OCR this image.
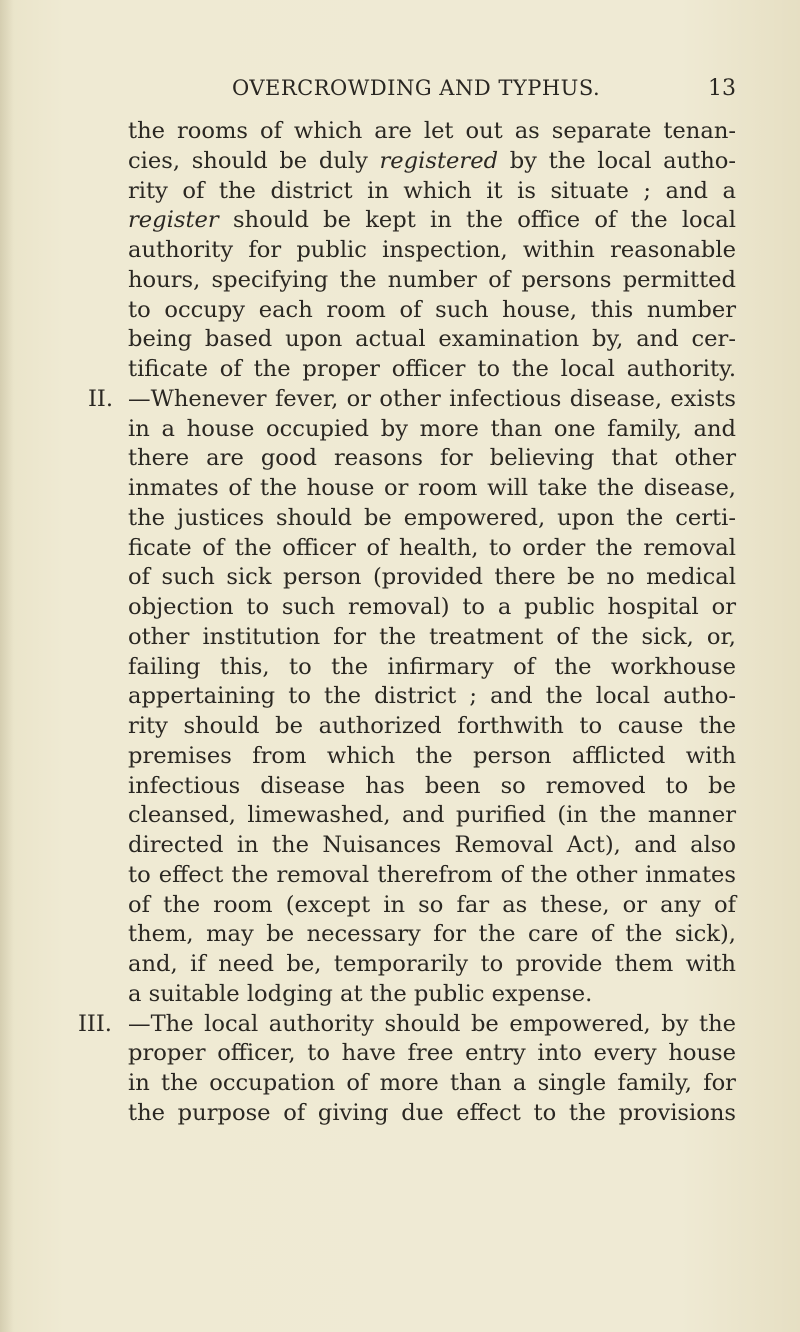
OVERCROWDING AND TYPHUS.	13
the rooms of which are let out as separate tenan-
cies, should be duly registered by the local autho-
rity of the district in which it is situate ; and a
register should be kept in the office of the local
authority for public inspection, within reasonable
hours, specifying the number of persons permitted
to occupy each room of such house, this number
being based upon actual examination by, and cer-
tificate of the proper officer to the local authority.
II. —Whenever fever, or other infectious disease, exists
in a house occupied by more than one family, and
there are good reasons for believing that other
inmates of the house or room will take the disease,
the justices should be empowered, upon the certi-
ficate of the officer of health, to order the removal
of such sick person (provided there be no medical
objection to such removal) to a public hospital or
other institution for the treatment of the sick, or,
failing this, to the infirmary of the workhouse
appertaining to the district ; and the local autho-
rity should be authorized forthwith to cause the
premises from which the person afflicted with
infectious disease has been so removed to be
cleansed, limewashed, and purified (in the manner
directed in the Nuisances Removal Act), and also
to effect the removal therefrom of the other inmates
of the room (except in so far as these, or any of
them, may be necessary for the care of the sick),
and, if need be, temporarily to provide them with
a suitable lodging at the public expense.
III. —The local authority should be empowered, by the
proper officer, to have free entry into every house
in the occupation of more than a single family, for
the purpose of giving due effect to the provisions
